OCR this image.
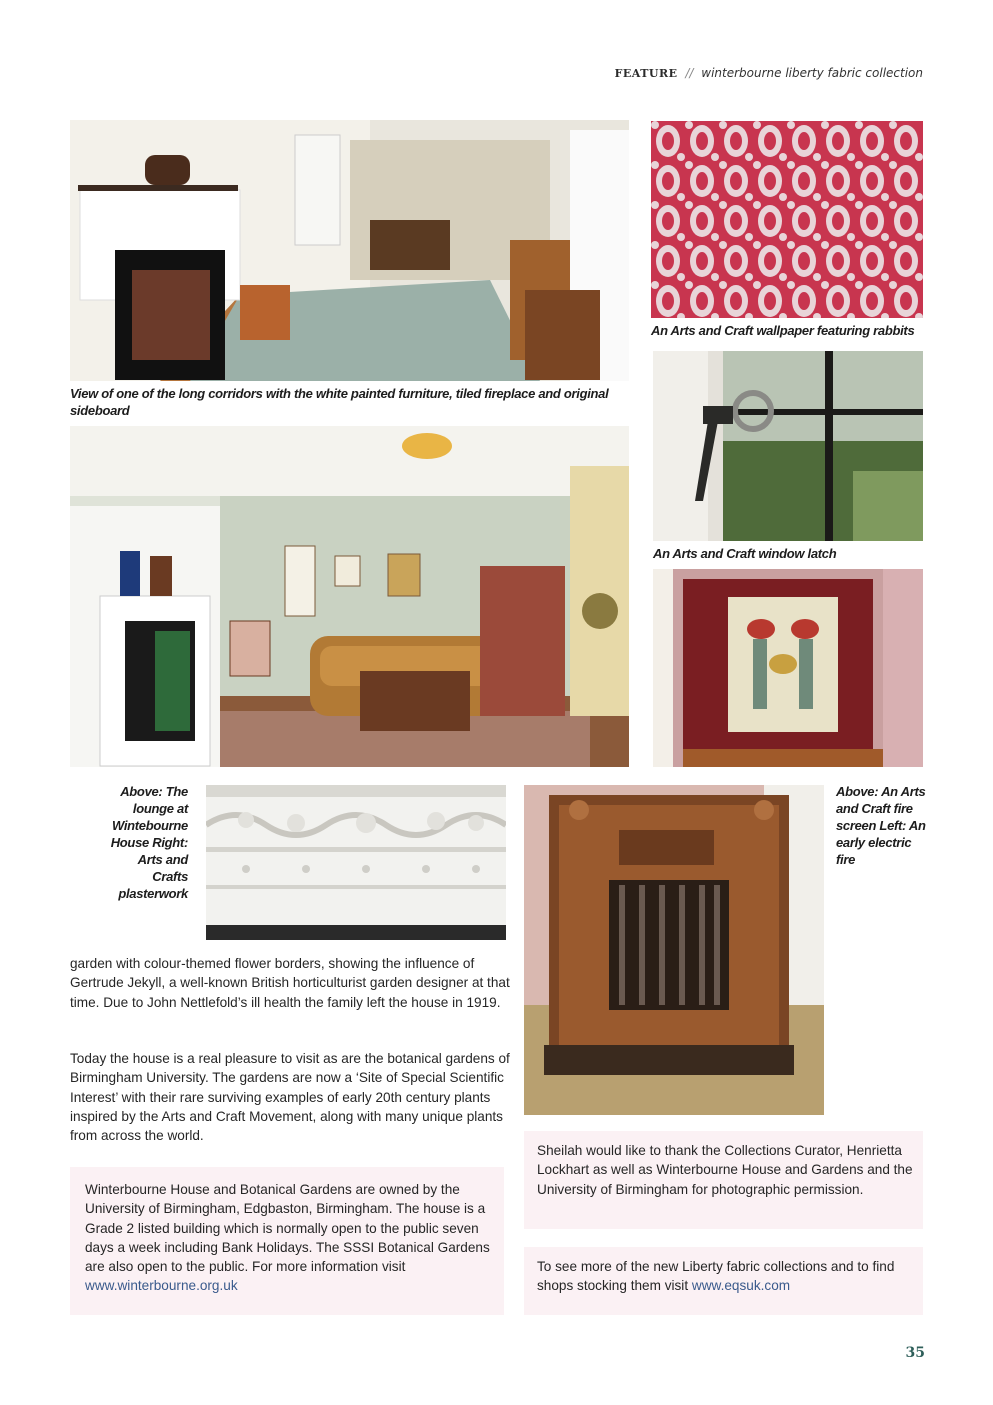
FEATURE // winterbourne liberty fabric collection
View of one of the long corridors with the white painted furniture, tiled fireplace and original sideboard
An Arts and Craft wallpaper featuring rabbits
An Arts and Craft window latch
Above: The lounge at Wintebourne House Right: Arts and Crafts plasterwork
Above: An Arts and Craft fire screen Left: An early electric fire

garden with colour-themed flower borders, showing the influence of Gertrude Jekyll, a well-known British horticulturist garden designer at that time. Due to John Nettlefold’s ill health the family left the house in 1919.

Today the house is a real pleasure to visit as are the botanical gardens of Birmingham University. The gardens are now a ‘Site of Special Scientific Interest’ with their rare surviving examples of early 20th century plants inspired by the Arts and Craft Movement, along with many unique plants from across the world.

Winterbourne House and Botanical Gardens are owned by the University of Birmingham, Edgbaston, Birmingham. The house is a Grade 2 listed building which is normally open to the public seven days a week including Bank Holidays. The SSSI Botanical Gardens are also open to the public. For more information visit www.winterbourne.org.uk

Sheilah would like to thank the Collections Curator, Henrietta Lockhart as well as Winterbourne House and Gardens and the University of Birmingham for photographic permission.

To see more of the new Liberty fabric collections and to find shops stocking them visit www.eqsuk.com

35
